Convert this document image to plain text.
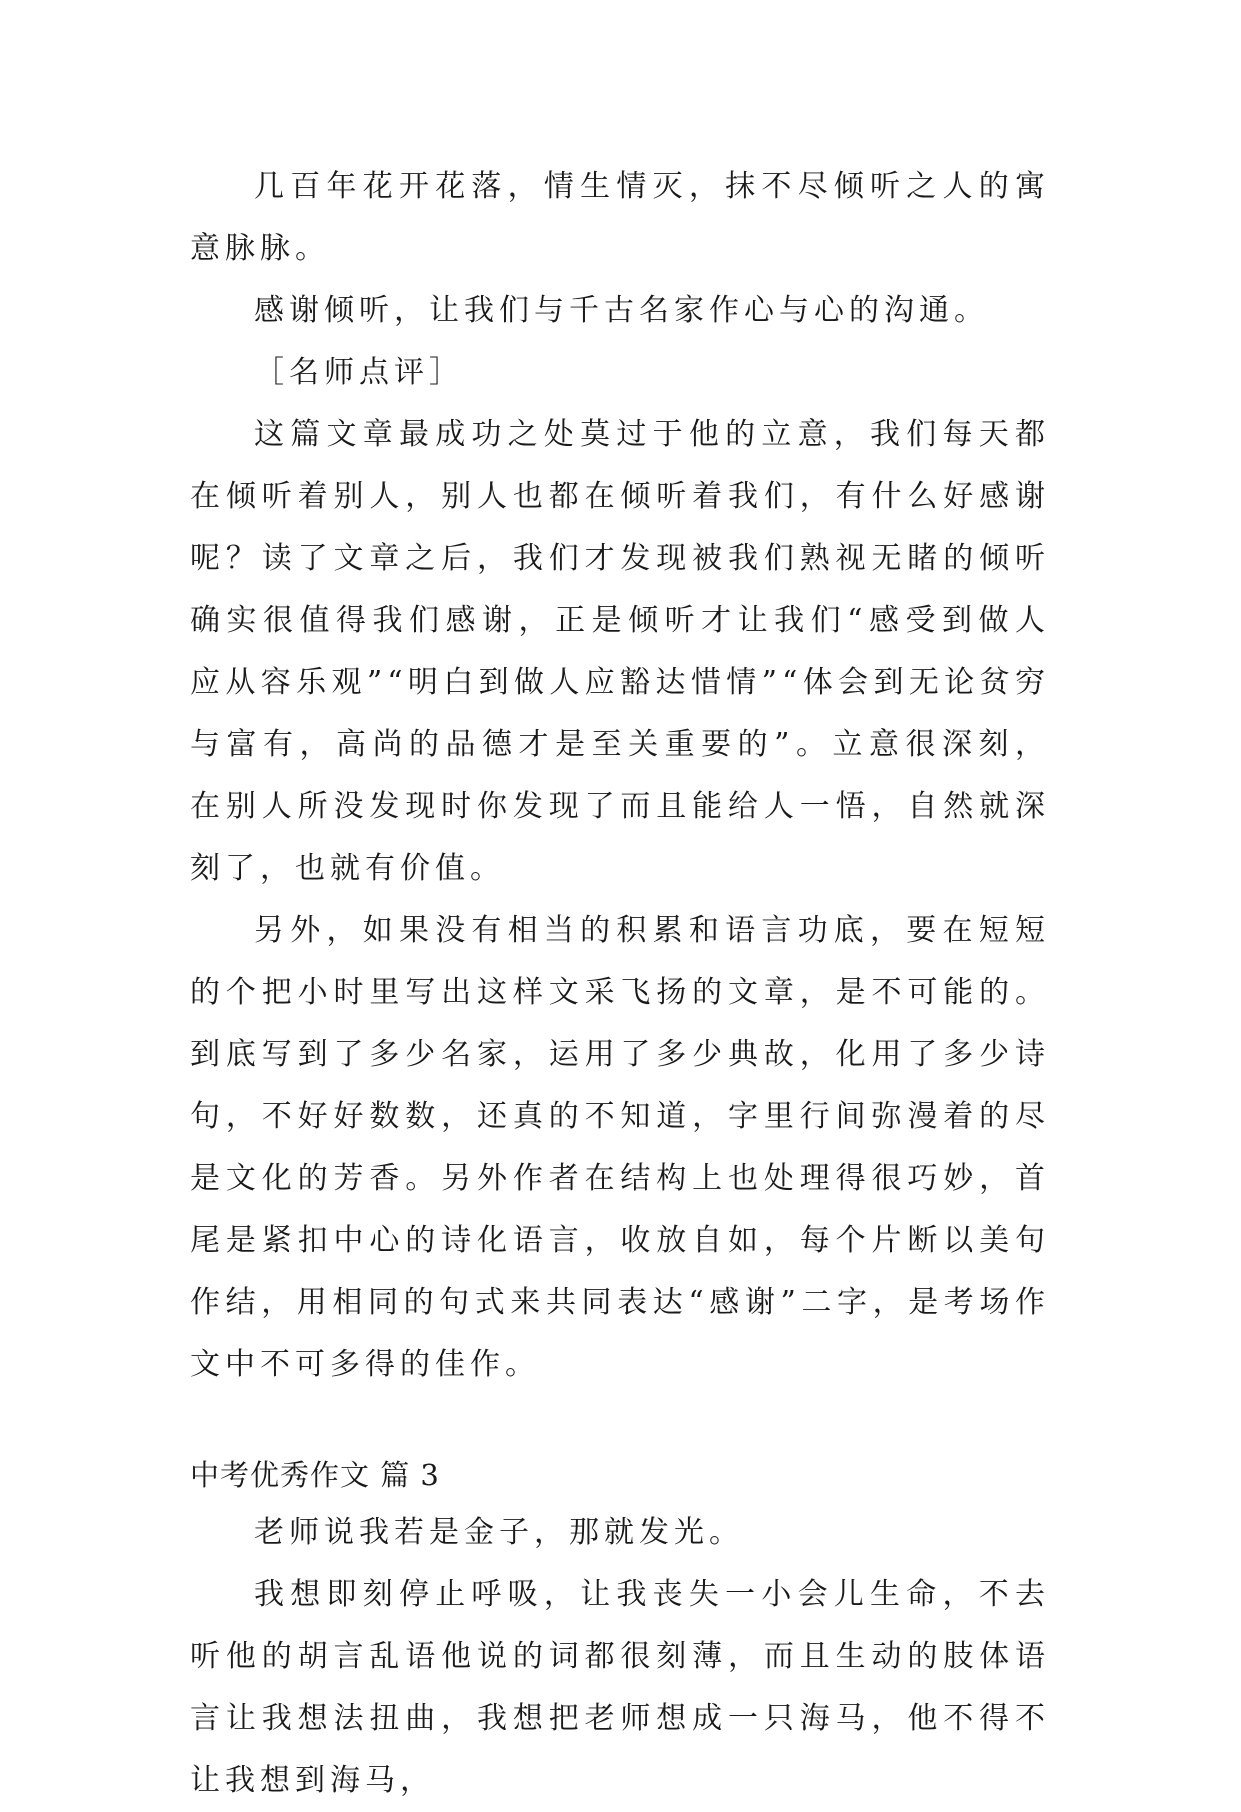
几百年花开花落，情生情灭，抹不尽倾听之人的寓意脉脉。

感谢倾听，让我们与千古名家作心与心的沟通。

［名师点评］

这篇文章最成功之处莫过于他的立意，我们每天都在倾听着别人，别人也都在倾听着我们，有什么好感谢呢？读了文章之后，我们才发现被我们熟视无睹的倾听确实很值得我们感谢，正是倾听才让我们“感受到做人应从容乐观”“明白到做人应豁达惜情”“体会到无论贫穷与富有，高尚的品德才是至关重要的”。立意很深刻，在别人所没发现时你发现了而且能给人一悟，自然就深刻了，也就有价值。

另外，如果没有相当的积累和语言功底，要在短短的个把小时里写出这样文采飞扬的文章，是不可能的。到底写到了多少名家，运用了多少典故，化用了多少诗句，不好好数数，还真的不知道，字里行间弥漫着的尽是文化的芳香。另外作者在结构上也处理得很巧妙，首尾是紧扣中心的诗化语言，收放自如，每个片断以美句作结，用相同的句式来共同表达“感谢”二字，是考场作文中不可多得的佳作。

中考优秀作文 篇 3

老师说我若是金子，那就发光。

我想即刻停止呼吸，让我丧失一小会儿生命，不去听他的胡言乱语他说的词都很刻薄，而且生动的肢体语言让我想法扭曲，我想把老师想成一只海马，他不得不让我想到海马，
